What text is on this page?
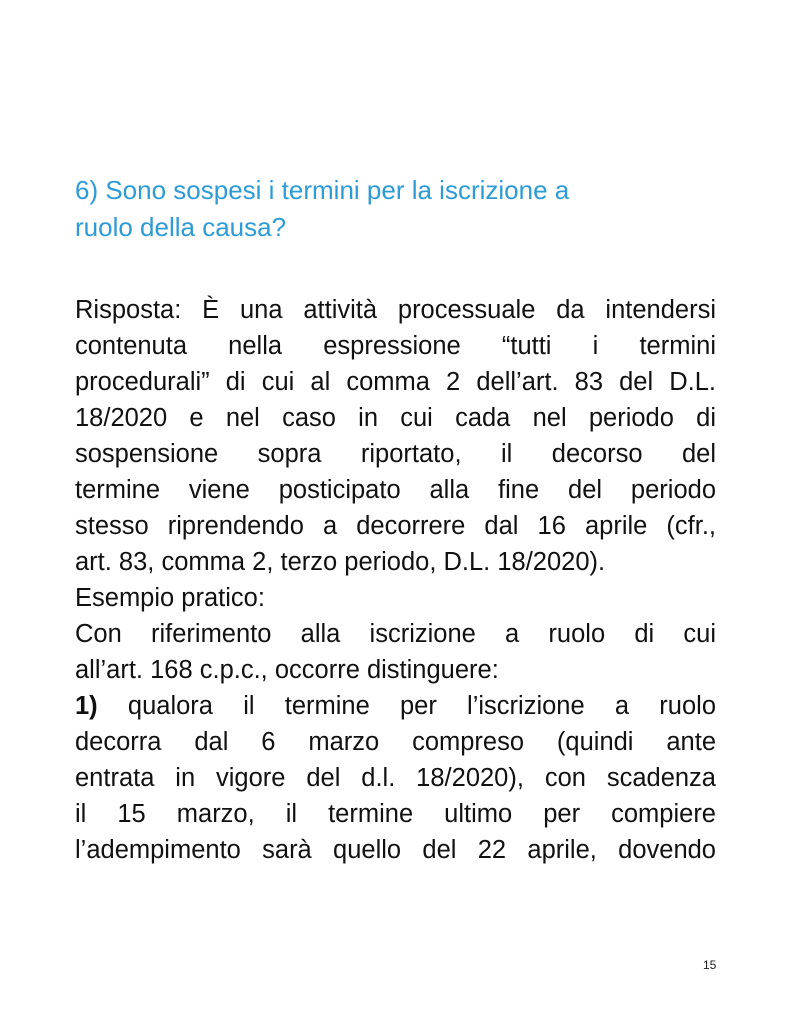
6) Sono sospesi i termini per la iscrizione a
ruolo della causa?
Risposta: È una attività processuale da intendersi
contenuta nella espressione “tutti i termini
procedurali” di cui al comma 2 dell’art. 83 del D.L.
18/2020 e nel caso in cui cada nel periodo di
sospensione sopra riportato, il decorso del
termine viene posticipato alla fine del periodo
stesso riprendendo a decorrere dal 16 aprile (cfr.,
art. 83, comma 2, terzo periodo, D.L. 18/2020).
Esempio pratico:
Con riferimento alla iscrizione a ruolo di cui
all’art. 168 c.p.c., occorre distinguere:
1) qualora il termine per l’iscrizione a ruolo
decorra dal 6 marzo compreso (quindi ante
entrata in vigore del d.l. 18/2020), con scadenza
il 15 marzo, il termine ultimo per compiere
l’adempimento sarà quello del 22 aprile, dovendo
15
